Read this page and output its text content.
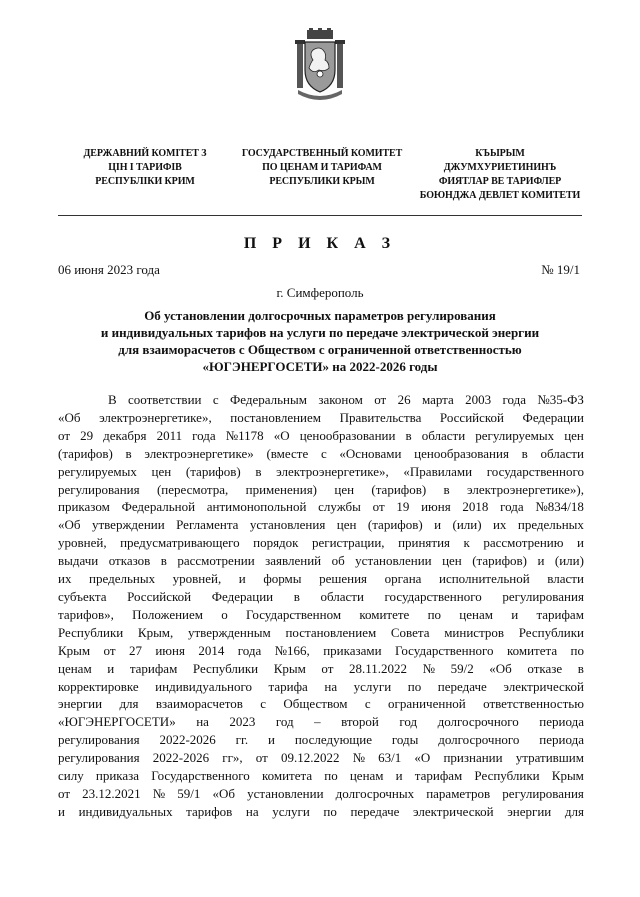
ДЕРЖАВНИЙ КОМІТЕТ З
ЦІН І ТАРИФІВ
РЕСПУБЛІКИ КРИМ
ГОСУДАРСТВЕННЫЙ КОМИТЕТ
ПО ЦЕНАМ И ТАРИФАМ
РЕСПУБЛИКИ КРЫМ
КЪЫРЫМ
ДЖУМХУРИЕТИНИНЪ
ФИЯТЛАР ВЕ ТАРИФЛЕР
БОЮНДЖА ДЕВЛЕТ КОМИТЕТИ
П Р И К А З
06 июня 2023 года	№ 19/1
г. Симферополь
Об установлении долгосрочных параметров регулирования
и индивидуальных тарифов на услуги по передаче электрической энергии
для взаиморасчетов с Обществом с ограниченной ответственностью
«ЮГЭНЕРГОСЕТИ» на 2022-2026 годы
В соответствии с Федеральным законом от 26 марта 2003 года №35-ФЗ
«Об электроэнергетике», постановлением Правительства Российской Федерации
от 29 декабря 2011 года №1178 «О ценообразовании в области регулируемых цен
(тарифов) в электроэнергетике» (вместе с «Основами ценообразования в области
регулируемых цен (тарифов) в электроэнергетике», «Правилами государственного
регулирования (пересмотра, применения) цен (тарифов) в электроэнергетике»),
приказом Федеральной антимонопольной службы от 19 июня 2018 года №834/18
«Об утверждении Регламента установления цен (тарифов) и (или) их предельных
уровней, предусматривающего порядок регистрации, принятия к рассмотрению и
выдачи отказов в рассмотрении заявлений об установлении цен (тарифов) и (или)
их предельных уровней, и формы решения органа исполнительной власти
субъекта Российской Федерации в области государственного регулирования
тарифов», Положением о Государственном комитете по ценам и тарифам
Республики Крым, утвержденным постановлением Совета министров Республики
Крым от 27 июня 2014 года №166, приказами Государственного комитета по
ценам и тарифам Республики Крым от 28.11.2022 № 59/2 «Об отказе в
корректировке индивидуального тарифа на услуги по передаче электрической
энергии для взаиморасчетов с Обществом с ограниченной ответственностью
«ЮГЭНЕРГОСЕТИ» на 2023 год – второй год долгосрочного периода
регулирования 2022-2026 гг. и последующие годы долгосрочного периода
регулирования 2022-2026 гг», от 09.12.2022 № 63/1 «О признании утратившим
силу приказа Государственного комитета по ценам и тарифам Республики Крым
от 23.12.2021 № 59/1 «Об установлении долгосрочных параметров регулирования
и индивидуальных тарифов на услуги по передаче электрической энергии для
